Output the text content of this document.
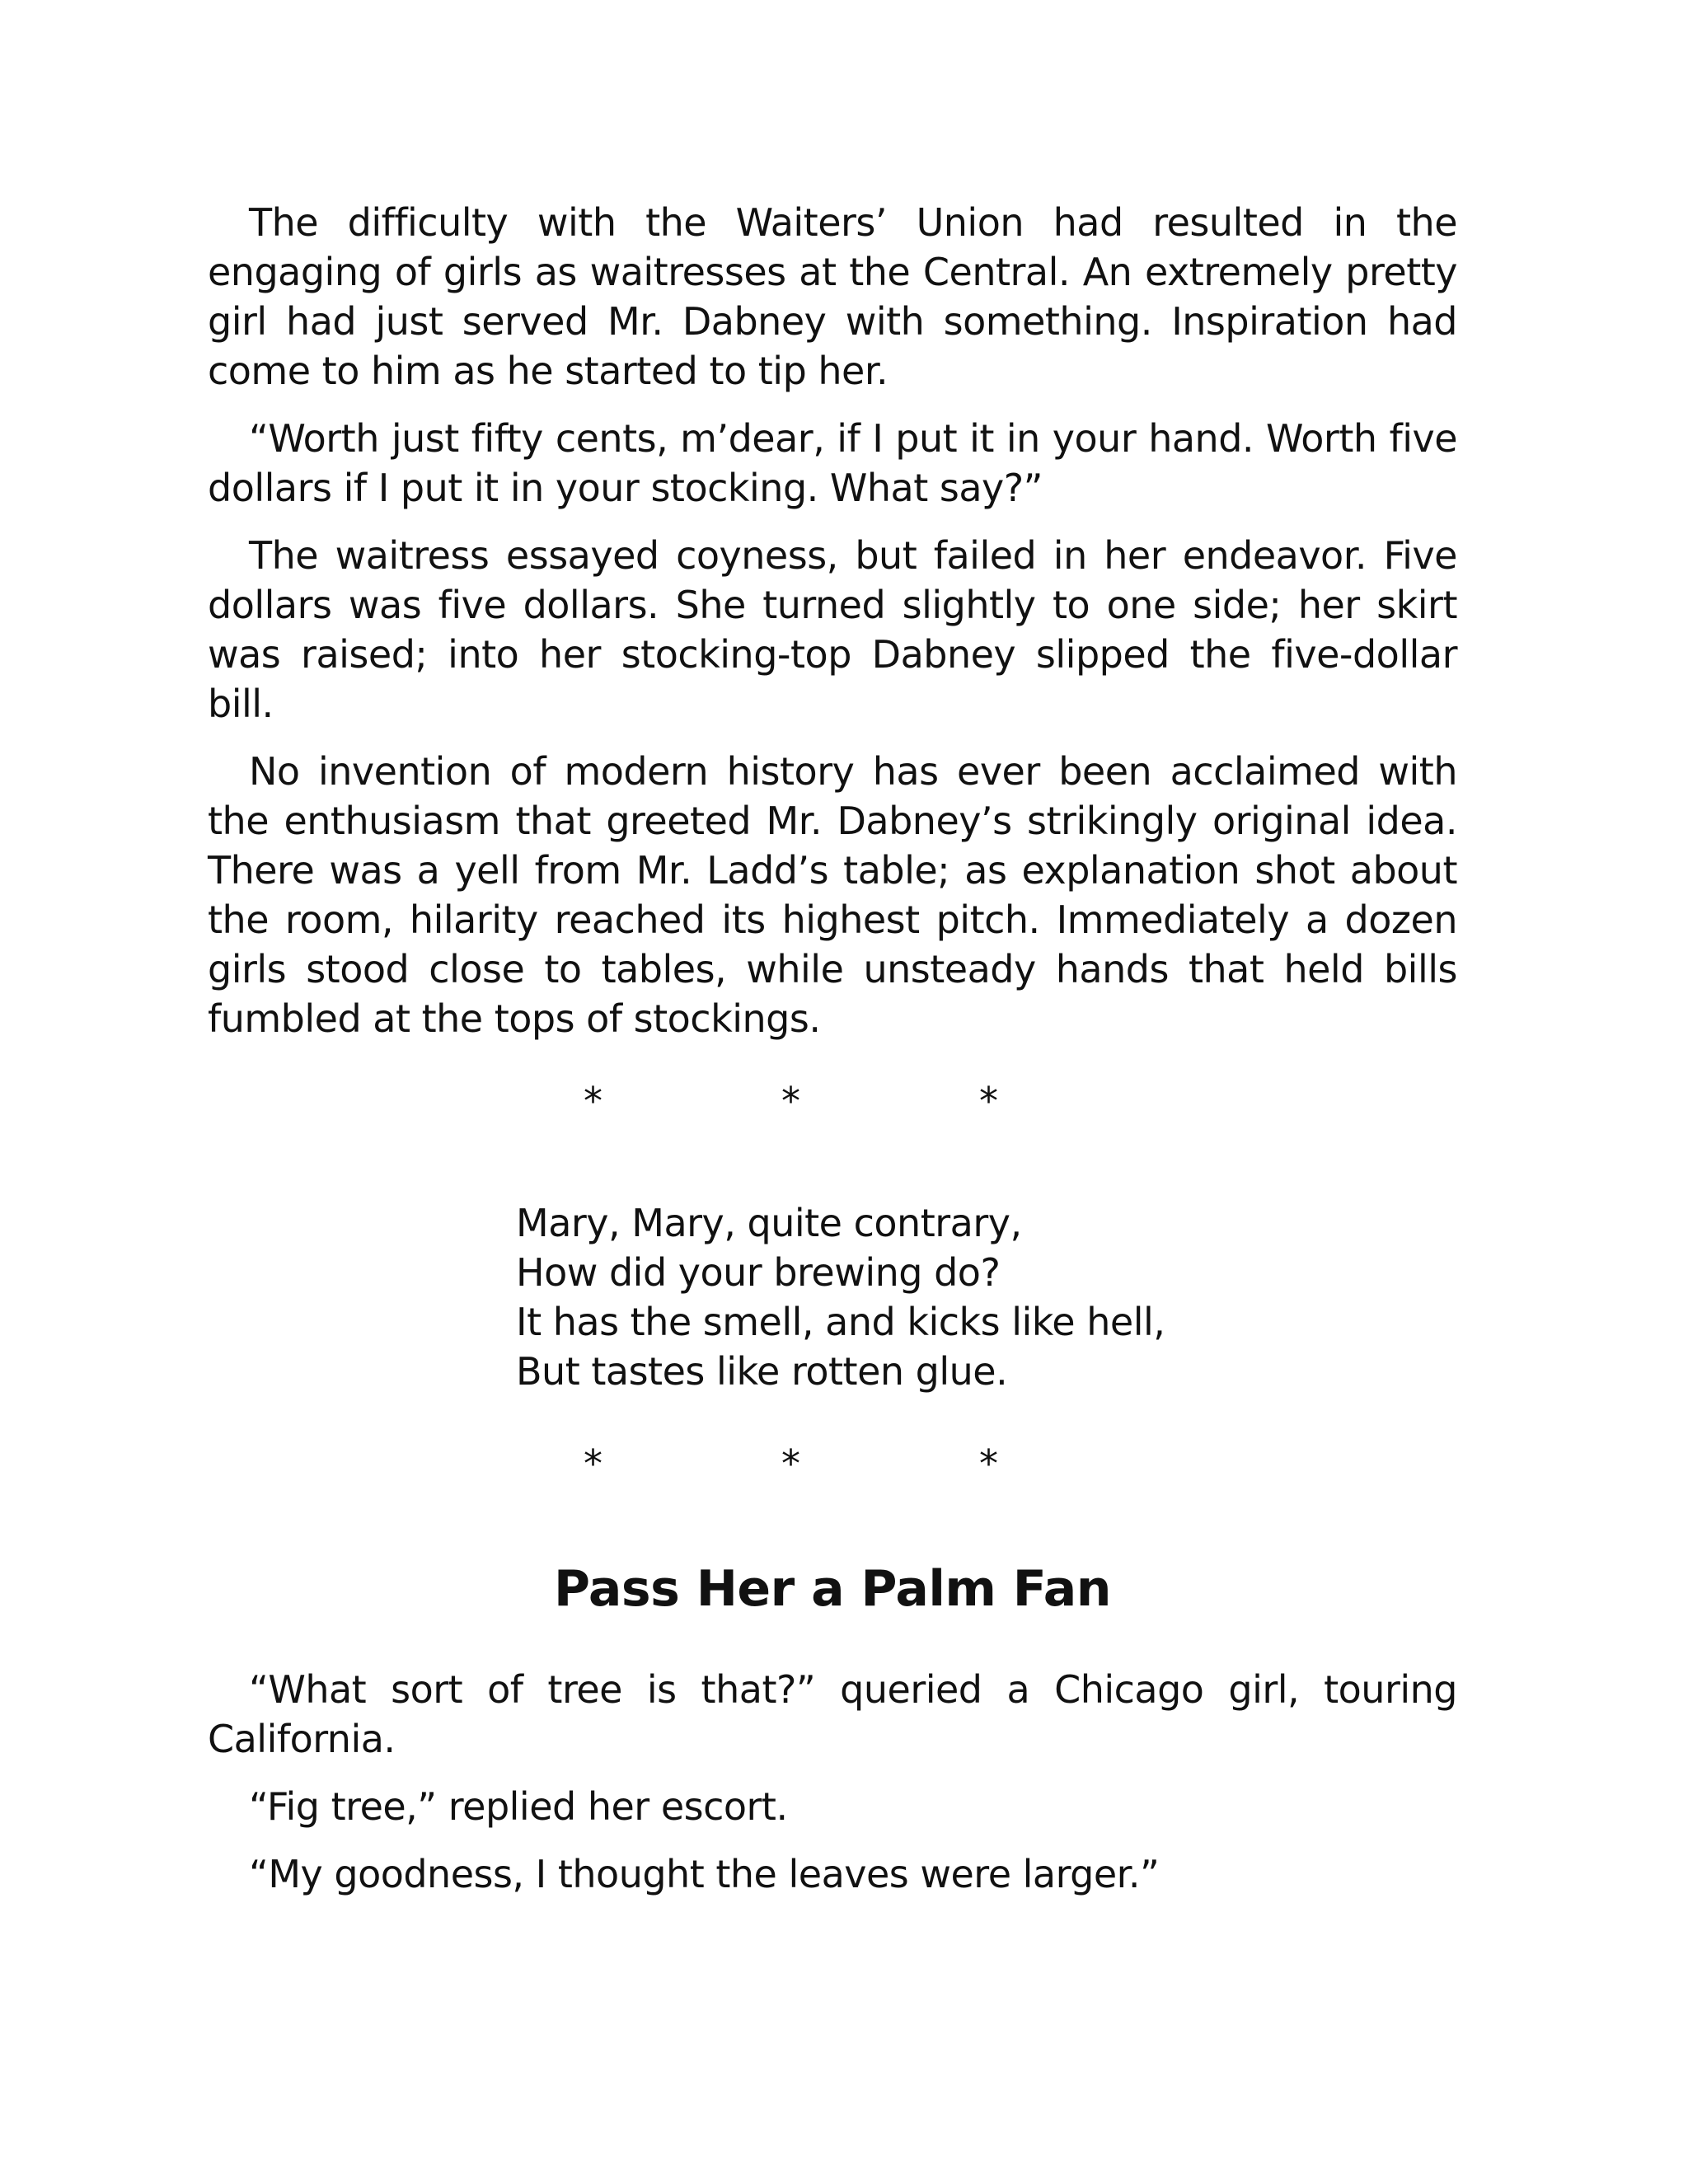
The difficulty with the Waiters’ Union had resulted in the engaging of girls as waitresses at the Central. An extremely pretty girl had just served Mr. Dabney with something. Inspiration had come to him as he started to tip her.

“Worth just fifty cents, m’dear, if I put it in your hand. Worth five dollars if I put it in your stocking. What say?”

The waitress essayed coyness, but failed in her endeavor. Five dollars was five dollars. She turned slightly to one side; her skirt was raised; into her stocking-top Dabney slipped the five-dollar bill.

No invention of modern history has ever been acclaimed with the enthusiasm that greeted Mr. Dabney’s strikingly original idea. There was a yell from Mr. Ladd’s table; as explanation shot about the room, hilarity reached its highest pitch. Immediately a dozen girls stood close to tables, while unsteady hands that held bills fumbled at the tops of stockings.

*	*	*
Mary, Mary, quite contrary,
How did your brewing do?
It has the smell, and kicks like hell,
But tastes like rotten glue.
*	*	*
Pass Her a Palm Fan

“What sort of tree is that?” queried a Chicago girl, touring California.

“Fig tree,” replied her escort.

“My goodness, I thought the leaves were larger.”
